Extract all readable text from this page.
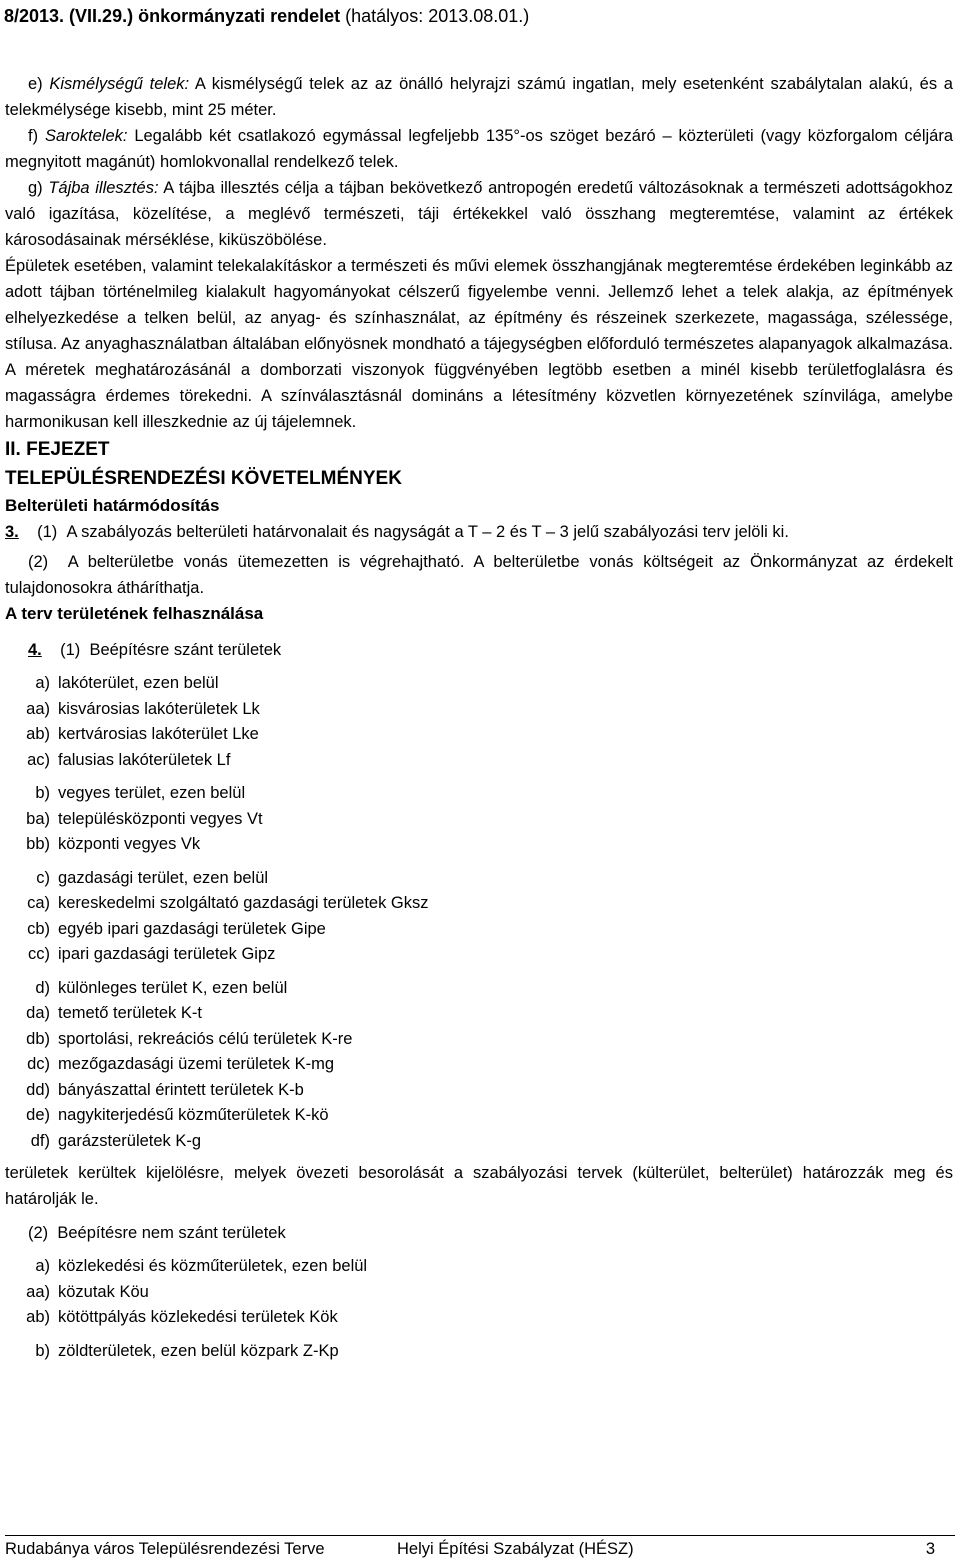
8/2013. (VII.29.) önkormányzati rendelet (hatályos: 2013.08.01.)

e) Kismélységű telek: A kismélységű telek az az önálló helyrajzi számú ingatlan, mely esetenként szabálytalan alakú, és a telekmélysége kisebb, mint 25 méter.

f) Saroktelek: Legalább két csatlakozó egymással legfeljebb 135°-os szöget bezáró – közterületi (vagy közforgalom céljára megnyitott magánút) homlokvonallal rendelkező telek.

g) Tájba illesztés: A tájba illesztés célja a tájban bekövetkező antropogén eredetű változásoknak a természeti adottságokhoz való igazítása, közelítése, a meglévő természeti, táji értékekkel való összhang megteremtése, valamint az értékek károsodásainak mérséklése, kiküszöbölése.

Épületek esetében, valamint telekalakításkor a természeti és művi elemek összhangjának megteremtése érdekében leginkább az adott tájban történelmileg kialakult hagyományokat célszerű figyelembe venni. Jellemző lehet a telek alakja, az építmények elhelyezkedése a telken belül, az anyag- és színhasználat, az építmény és részeinek szerkezete, magassága, szélessége, stílusa. Az anyaghasználatban általában előnyösnek mondható a tájegységben előforduló természetes alapanyagok alkalmazása. A méretek meghatározásánál a domborzati viszonyok függvényében legtöbb esetben a minél kisebb területfoglalásra és magasságra érdemes törekedni. A színválasztásnál domináns a létesítmény közvetlen környezetének színvilága, amelybe harmonikusan kell illeszkednie az új tájelemnek.

II. FEJEZET

TELEPÜLÉSRENDEZÉSI KÖVETELMÉNYEK

Belterületi határmódosítás

3. (1) A szabályozás belterületi határvonalait és nagyságát a T – 2 és T – 3 jelű szabályozási terv jelöli ki.

(2) A belterületbe vonás ütemezetten is végrehajtható. A belterületbe vonás költségeit az Önkormányzat az érdekelt tulajdonosokra átháríthatja.

A terv területének felhasználása

4. (1) Beépítésre szánt területek

a) lakóterület, ezen belül
aa) kisvárosias lakóterületek Lk
ab) kertvárosias lakóterület Lke
ac) falusias lakóterületek Lf
b) vegyes terület, ezen belül
ba) településközponti vegyes Vt
bb) központi vegyes Vk
c) gazdasági terület, ezen belül
ca) kereskedelmi szolgáltató gazdasági területek Gksz
cb) egyéb ipari gazdasági területek Gipe
cc) ipari gazdasági területek Gipz
d) különleges terület K, ezen belül
da) temető területek K-t
db) sportolási, rekreációs célú területek K-re
dc) mezőgazdasági üzemi területek K-mg
dd) bányászattal érintett területek K-b
de) nagykiterjedésű közműterületek K-kö
df) garázsterületek K-g

területek kerültek kijelölésre, melyek övezeti besorolását a szabályozási tervek (külterület, belterület) határozzák meg és határolják le.

(2) Beépítésre nem szánt területek

a) közlekedési és közműterületek, ezen belül
aa) közutak Köu
ab) kötöttpályás közlekedési területek Kök
b) zöldterületek, ezen belül közpark Z-Kp
Rudabánya város Településrendezési Terve	Helyi Építési Szabályzat (HÉSZ)	3
